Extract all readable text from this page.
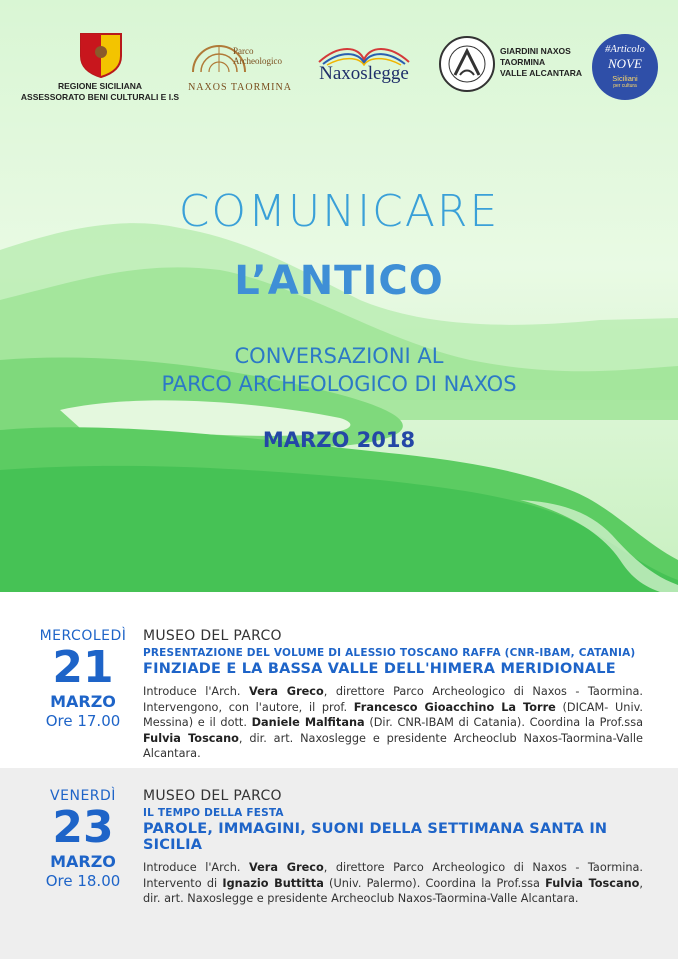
REGIONE SICILIANA
ASSESSORATO BENI CULTURALI E I.S
Parco
Archeologico
NAXOS TAORMINA
Naxoslegge
GIARDINI NAXOS
TAORMINA
VALLE ALCANTARA
#Articolo
NOVE
Siciliani
per cultura
COMUNICARE
L’ANTICO
CONVERSAZIONI AL
PARCO ARCHEOLOGICO DI NAXOS
MARZO 2018
MERCOLEDÌ
21
MARZO
Ore 17.00
MUSEO DEL PARCO
PRESENTAZIONE DEL VOLUME DI ALESSIO TOSCANO RAFFA (CNR-IBAM, CATANIA)
FINZIADE E LA BASSA VALLE DELL'HIMERA MERIDIONALE
Introduce l'Arch. Vera Greco, direttore Parco Archeologico di Naxos - Taormina. Intervengono, con l'autore, il prof. Francesco Gioacchino La Torre (DICAM- Univ. Messina) e il dott. Daniele Malfitana (Dir. CNR-IBAM di Catania). Coordina la Prof.ssa Fulvia Toscano, dir. art. Naxoslegge e presidente Archeoclub Naxos-Taormina-Valle Alcantara.
VENERDÌ
23
MARZO
Ore 18.00
MUSEO DEL PARCO
IL TEMPO DELLA FESTA
PAROLE, IMMAGINI, SUONI DELLA SETTIMANA SANTA IN SICILIA
Introduce l'Arch. Vera Greco, direttore Parco Archeologico di Naxos - Taormina. Intervento di Ignazio Buttitta (Univ. Palermo). Coordina la Prof.ssa Fulvia Toscano, dir. art. Naxoslegge e presidente Archeoclub Naxos-Taormina-Valle Alcantara.
